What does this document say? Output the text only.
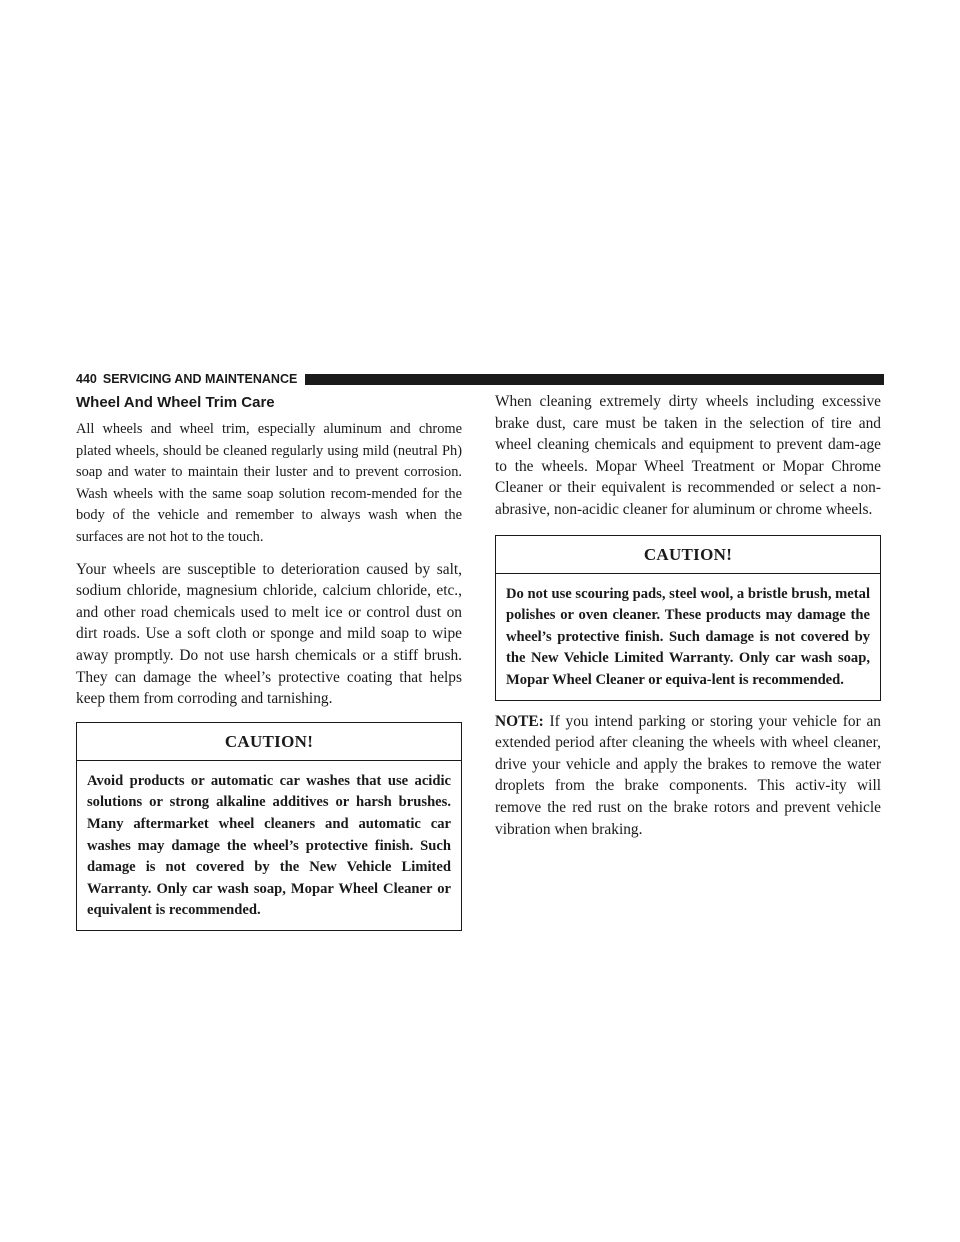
440 SERVICING AND MAINTENANCE
Wheel And Wheel Trim Care

All wheels and wheel trim, especially aluminum and chrome plated wheels, should be cleaned regularly using mild (neutral Ph) soap and water to maintain their luster and to prevent corrosion. Wash wheels with the same soap solution recom-mended for the body of the vehicle and remember to always wash when the surfaces are not hot to the touch.

Your wheels are susceptible to deterioration caused by salt, sodium chloride, magnesium chloride, calcium chloride, etc., and other road chemicals used to melt ice or control dust on dirt roads. Use a soft cloth or sponge and mild soap to wipe away promptly. Do not use harsh chemicals or a stiff brush. They can damage the wheel’s protective coating that helps keep them from corroding and tarnishing.

CAUTION!
Avoid products or automatic car washes that use acidic solutions or strong alkaline additives or harsh brushes. Many aftermarket wheel cleaners and automatic car washes may damage the wheel’s protective finish. Such damage is not covered by the New Vehicle Limited Warranty. Only car wash soap, Mopar Wheel Cleaner or equivalent is recommended.

When cleaning extremely dirty wheels including excessive brake dust, care must be taken in the selection of tire and wheel cleaning chemicals and equipment to prevent dam-age to the wheels. Mopar Wheel Treatment or Mopar Chrome Cleaner or their equivalent is recommended or select a non-abrasive, non-acidic cleaner for aluminum or chrome wheels.

CAUTION!
Do not use scouring pads, steel wool, a bristle brush, metal polishes or oven cleaner. These products may damage the wheel’s protective finish. Such damage is not covered by the New Vehicle Limited Warranty. Only car wash soap, Mopar Wheel Cleaner or equiva-lent is recommended.

NOTE: If you intend parking or storing your vehicle for an extended period after cleaning the wheels with wheel cleaner, drive your vehicle and apply the brakes to remove the water droplets from the brake components. This activ-ity will remove the red rust on the brake rotors and prevent vehicle vibration when braking.
